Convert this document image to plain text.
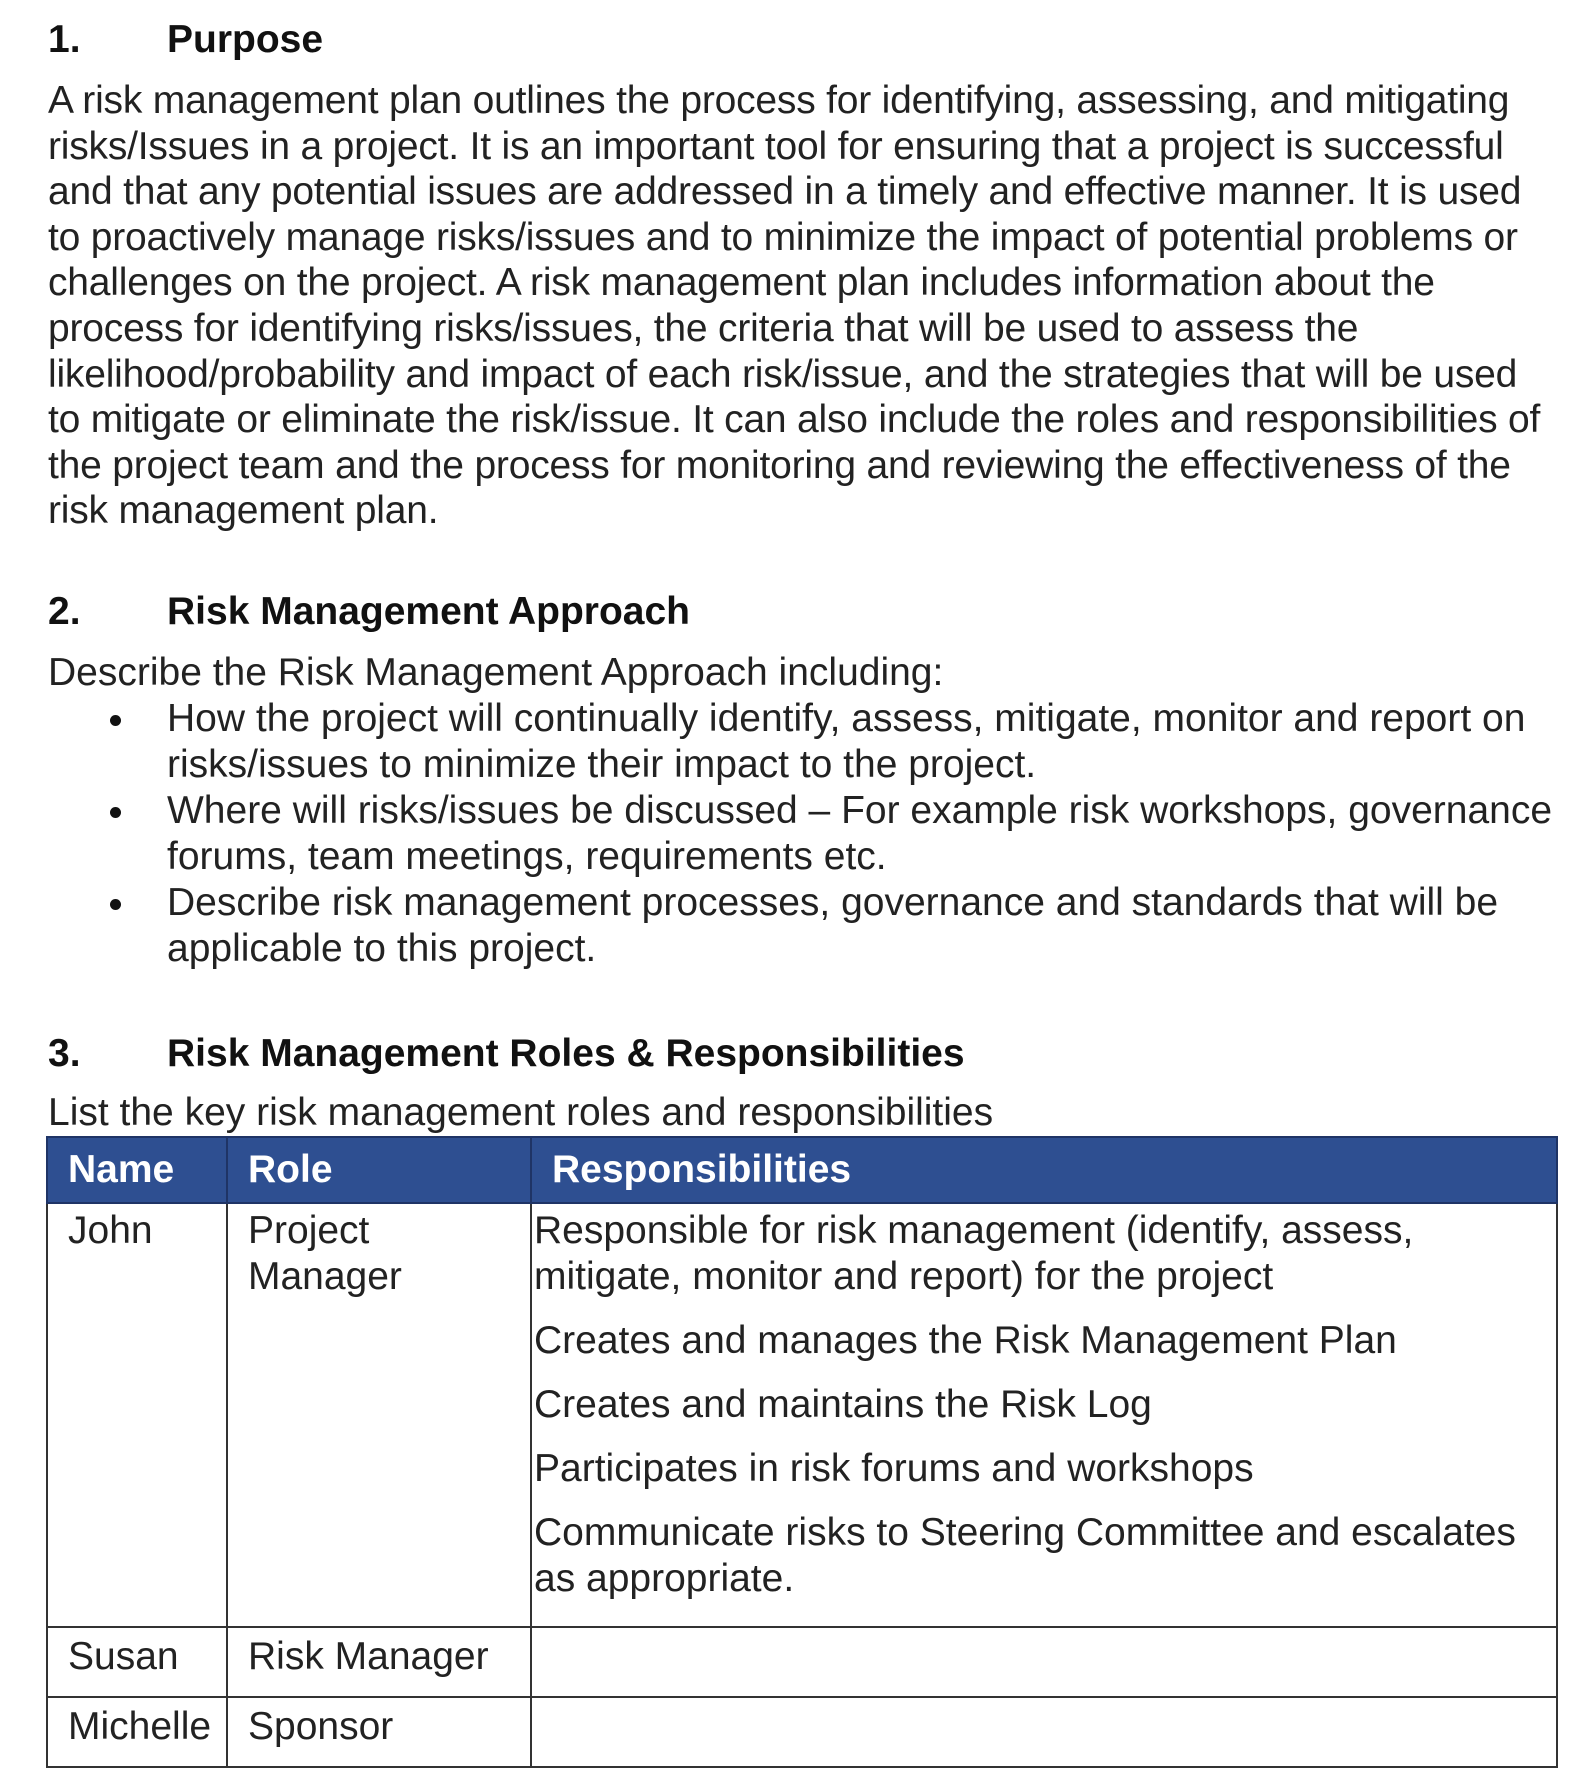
1.	Purpose

A risk management plan outlines the process for identifying, assessing, and mitigating risks/Issues in a project. It is an important tool for ensuring that a project is successful and that any potential issues are addressed in a timely and effective manner. It is used to proactively manage risks/issues and to minimize the impact of potential problems or challenges on the project. A risk management plan includes information about the process for identifying risks/issues, the criteria that will be used to assess the likelihood/probability and impact of each risk/issue, and the strategies that will be used to mitigate or eliminate the risk/issue. It can also include the roles and responsibilities of the project team and the process for monitoring and reviewing the effectiveness of the risk management plan.

2.	Risk Management Approach
Describe the Risk Management Approach including:
How the project will continually identify, assess, mitigate, monitor and report on risks/issues to minimize their impact to the project.
Where will risks/issues be discussed – For example risk workshops, governance forums, team meetings, requirements etc.
Describe risk management processes, governance and standards that will be applicable to this project.
3.	Risk Management Roles & Responsibilities
List the key risk management roles and responsibilities
Name	Role	Responsibilities
John	Project Manager	Responsible for risk management (identify, assess, mitigate, monitor and report) for the project
Creates and manages the Risk Management Plan
Creates and maintains the Risk Log
Participates in risk forums and workshops
Communicate risks to Steering Committee and escalates as appropriate.

Susan	Risk Manager	
Michelle	Sponsor	
